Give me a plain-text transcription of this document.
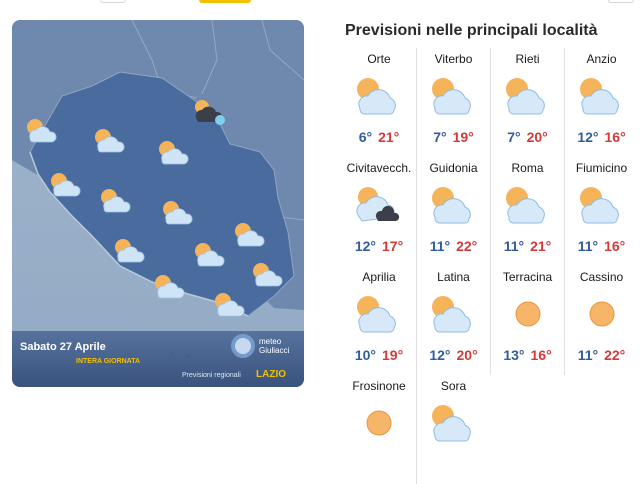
Sabato 27 Aprile
INTERA GIORNATA
meteo
Giuliacci
Previsioni regionali LAZIO
Previsioni nelle principali località
Orte
6° 21°
Viterbo
7° 19°
Rieti
7° 20°
Anzio
12° 16°
Civitavecch.
12° 17°
Guidonia
11° 22°
Roma
11° 21°
Fiumicino
11° 16°
Aprilia
10° 19°
Latina
12° 20°
Terracina
13° 16°
Cassino
11° 22°
Frosinone	Sora
